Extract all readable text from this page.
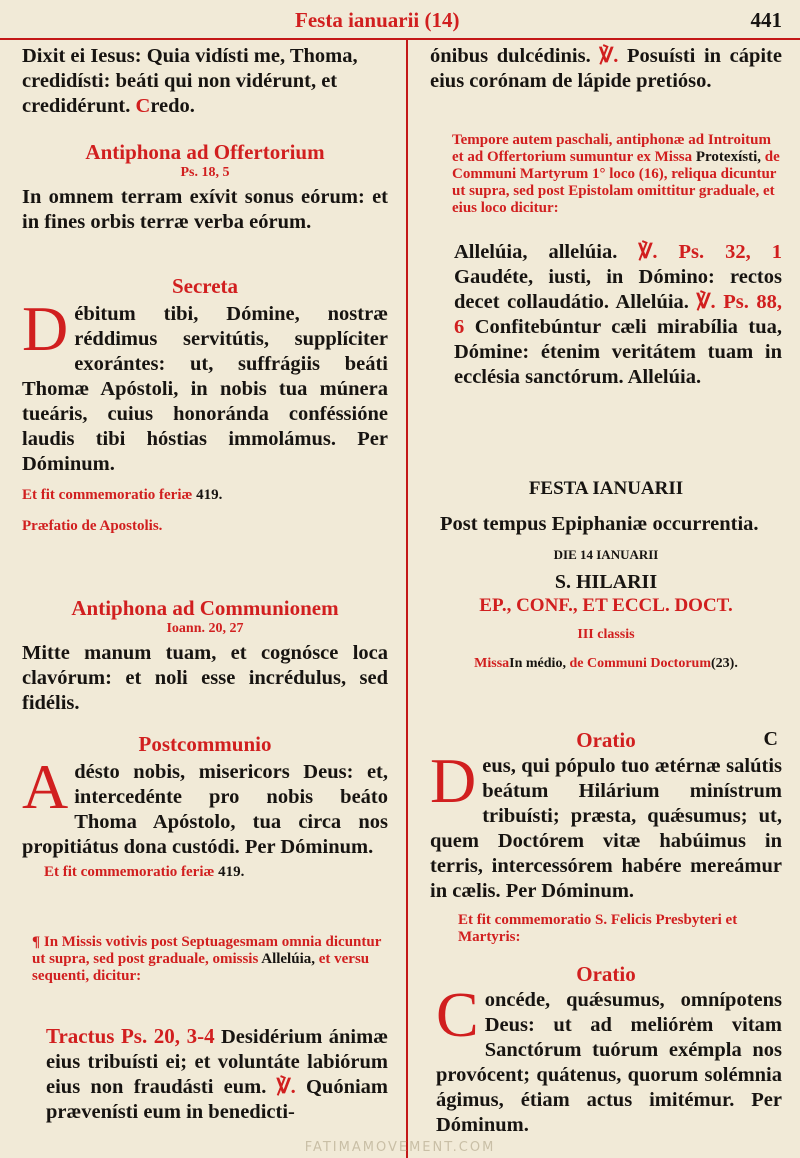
Festa ianuarii (14)	441

Dixit ei Iesus: Quia vidísti me, Thoma, credidísti: beáti qui non vidérunt, et credidérunt. Credo.

Antiphona ad Offertorium

Ps. 18, 5

In omnem terram exívit sonus eórum: et in fines orbis terræ verba eórum.

Secreta

Débitum tibi, Dómine, nostræ réddimus servitútis, supplíciter exorántes: ut, suffrágiis beáti Thomæ Apóstoli, in nobis tua múnera tueáris, cuius honoránda conféssióne laudis tibi hóstias immolámus. Per Dóminum.

Et fit commemoratio feriæ 419.

Præfatio de Apostolis.

Antiphona ad Communionem

Ioann. 20, 27

Mitte manum tuam, et cognósce loca clavórum: et noli esse incrédulus, sed fidélis.

Postcommunio

Adésto nobis, misericors Deus: et, intercedénte pro nobis beáto Thoma Apóstolo, tua circa nos propitiátus dona custódi. Per Dóminum.

Et fit commemoratio feriæ 419.

¶ In Missis votivis post Septuagesmam omnia dicuntur ut supra, sed post graduale, omissis Allelúia, et versu sequenti, dicitur:

Tractus Ps. 20, 3-4 Desidérium ánimæ eius tribuísti ei; et voluntáte labiórum eius non fraudásti eum. ℣. Quóniam prævenísti eum in benedicti-

ónibus dulcédinis. ℣. Posuísti in cápite eius corónam de lápide pretióso.

Tempore autem paschali, antiphonæ ad Introitum et ad Offertorium sumuntur ex Missa Protexísti, de Communi Martyrum 1° loco (16), reliqua dicuntur ut supra, sed post Epistolam omittitur graduale, et eius loco dicitur:

Allelúia, allelúia. ℣. Ps. 32, 1 Gaudéte, iusti, in Dómino: rectos decet collaudátio. Allelúia. ℣. Ps. 88, 6 Confitebúntur cæli mirabília tua, Dómine: étenim veritátem tuam in ecclésia sanctórum. Allelúia.

FESTA IANUARII

Post tempus Epiphaniæ occurrentia.

DIE 14 IANUARII

S. HILARII

EP., CONF., ET ECCL. DOCT.

III classis

MissaIn médio, de Communi Doctorum(23).

Oratio	C

Deus, qui pópulo tuo ætérnæ salútis beátum Hilárium minístrum tribuísti; præsta, quǽsumus; ut, quem Doctórem vitæ habúimus in terris, intercessórem habére mereámur in cælis. Per Dóminum.

Et fit commemoratio S. Felicis Presbyteri et Martyris:

Oratio

Concéde, quǽsumus, omnípotens Deus: ut ad melióre̍m vitam Sanctórum tuórum exémpla nos provócent; quátenus, quorum solémnia ágimus, étiam actus imitémur. Per Dóminum.

FATIMAMOVEMENT.COM
